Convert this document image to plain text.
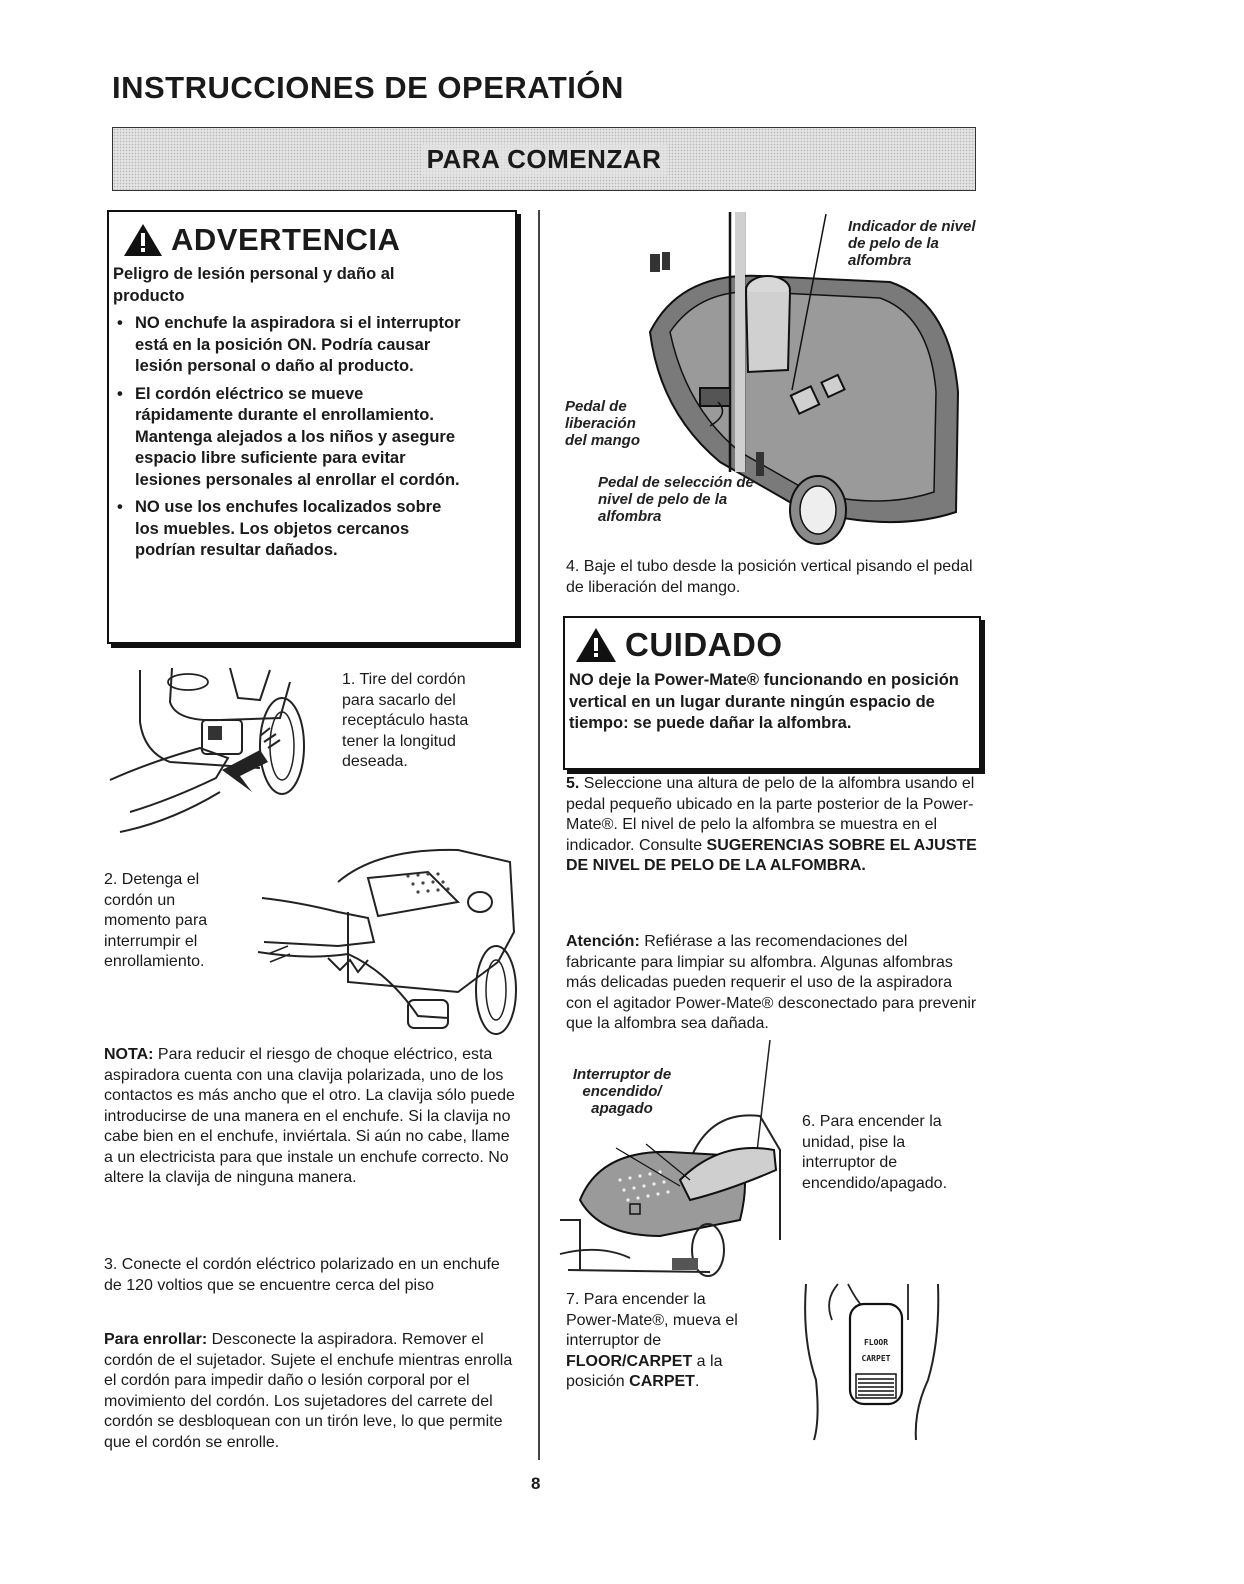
INSTRUCCIONES DE OPERATIÓN
PARA COMENZAR
ADVERTENCIA
Peligro de lesión personal y daño al producto
• NO enchufe la aspiradora si el interruptor está en la posición ON. Podría causar lesión personal o daño al producto.
• El cordón eléctrico se mueve rápidamente durante el enrollamiento. Mantenga alejados a los niños y asegure espacio libre suficiente para evitar lesiones personales al enrollar el cordón.
• NO use los enchufes localizados sobre los muebles. Los objetos cercanos podrían resultar dañados.
1. Tire del cordón para sacarlo del receptáculo hasta tener la longitud deseada.
2. Detenga el cordón un momento para interrumpir el enrollamiento.
NOTA: Para reducir el riesgo de choque eléctrico, esta aspiradora cuenta con una clavija polarizada, uno de los contactos es más ancho que el otro. La clavija sólo puede introducirse de una manera en el enchufe. Si la clavija no cabe bien en el enchufe, inviértala. Si aún no cabe, llame a un electricista para que instale un enchufe correcto. No altere la clavija de ninguna manera.
3. Conecte el cordón eléctrico polarizado en un enchufe de 120 voltios que se encuentre cerca del piso
Para enrollar: Desconecte la aspiradora. Remover el cordón de el sujetador. Sujete el enchufe mientras enrolla el cordón para impedir daño o lesión corporal por el movimiento del cordón. Los sujetadores del carrete del cordón se desbloquean con un tirón leve, lo que permite que el cordón se enrolle.
Indicador de nivel de pelo de la alfombra
Pedal de liberación del mango
Pedal de selección de nivel de pelo de la alfombra
4. Baje el tubo desde la posición vertical pisando el pedal de liberación del mango.
CUIDADO
NO deje la Power-Mate® funcionando en posición vertical en un lugar durante ningún espacio de tiempo: se puede dañar la alfombra.
5. Seleccione una altura de pelo de la alfombra usando el pedal pequeño ubicado en la parte posterior de la Power-Mate®. El nivel de pelo la alfombra se muestra en el indicador. Consulte SUGERENCIAS SOBRE EL AJUSTE DE NIVEL DE PELO DE LA ALFOMBRA.
Atención: Refiérase a las recomendaciones del fabricante para limpiar su alfombra. Algunas alfombras más delicadas pueden requerir el uso de la aspiradora con el agitador Power-Mate® desconectado para prevenir que la alfombra sea dañada.
Interruptor de encendido/ apagado
6. Para encender la unidad, pise la interruptor de encendido/apagado.
7. Para encender la Power-Mate®, mueva el interruptor de FLOOR/CARPET a la posición CARPET.
FLOOR
CARPET
8
